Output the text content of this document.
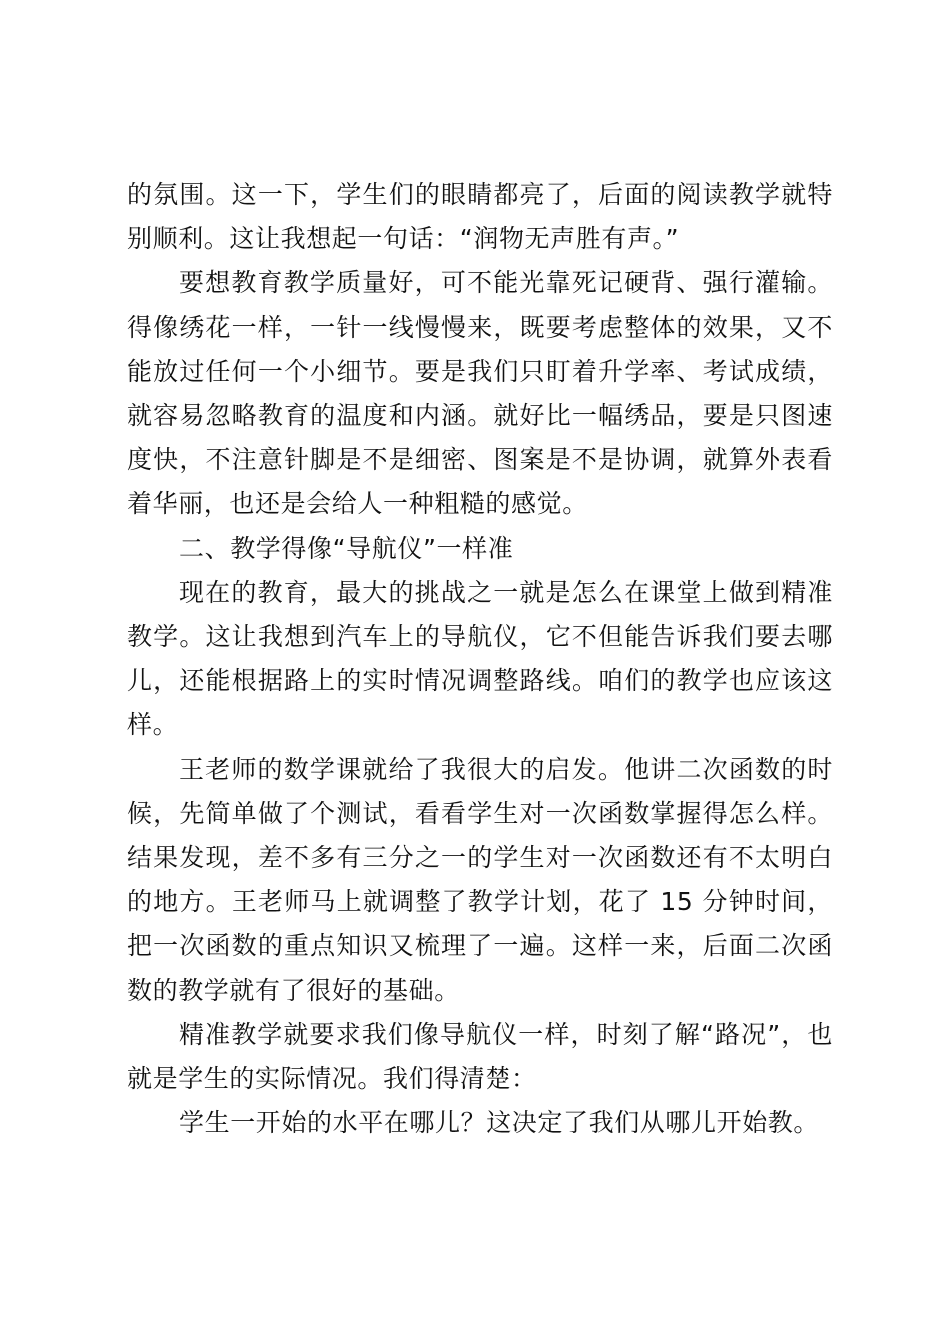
的氛围。这一下，学生们的眼睛都亮了，后面的阅读教学就特别顺利。这让我想起一句话：“润物无声胜有声。”

要想教育教学质量好，可不能光靠死记硬背、强行灌输。得像绣花一样，一针一线慢慢来，既要考虑整体的效果，又不能放过任何一个小细节。要是我们只盯着升学率、考试成绩，就容易忽略教育的温度和内涵。就好比一幅绣品，要是只图速度快，不注意针脚是不是细密、图案是不是协调，就算外表看着华丽，也还是会给人一种粗糙的感觉。

二、教学得像“导航仪”一样准

现在的教育，最大的挑战之一就是怎么在课堂上做到精准教学。这让我想到汽车上的导航仪，它不但能告诉我们要去哪儿，还能根据路上的实时情况调整路线。咱们的教学也应该这样。

王老师的数学课就给了我很大的启发。他讲二次函数的时候，先简单做了个测试，看看学生对一次函数掌握得怎么样。结果发现，差不多有三分之一的学生对一次函数还有不太明白的地方。王老师马上就调整了教学计划，花了 15 分钟时间，把一次函数的重点知识又梳理了一遍。这样一来，后面二次函数的教学就有了很好的基础。

精准教学就要求我们像导航仪一样，时刻了解“路况”，也就是学生的实际情况。我们得清楚：

学生一开始的水平在哪儿？这决定了我们从哪儿开始教。
